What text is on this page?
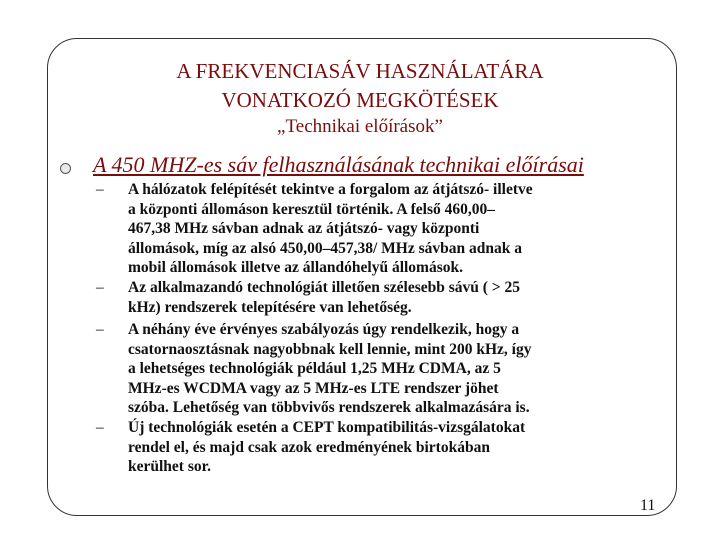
A FREKVENCIASÁV HASZNÁLATÁRA
VONATKOZÓ MEGKÖTÉSEK
„Technikai előírások”
A 450 MHZ-es sáv felhasználásának technikai előírásai
–	A hálózatok felépítését tekintve a forgalom az átjátszó- illetve
a központi állomáson keresztül történik. A felső 460,00–
467,38 MHz sávban adnak az átjátszó- vagy központi
állomások, míg az alsó 450,00–457,38/ MHz sávban adnak a
mobil állomások illetve az állandóhelyű állomások.
–	Az alkalmazandó technológiát illetően szélesebb sávú ( > 25
kHz) rendszerek telepítésére van lehetőség.
–	A néhány éve érvényes szabályozás úgy rendelkezik, hogy a
csatornaosztásnak nagyobbnak kell lennie, mint 200 kHz, így
a lehetséges technológiák például 1,25 MHz CDMA, az 5
MHz-es WCDMA vagy az 5 MHz-es LTE rendszer jöhet
szóba. Lehetőség van többvivős rendszerek alkalmazására is.
–	Új technológiák esetén a CEPT kompatibilitás-vizsgálatokat
rendel el, és majd csak azok eredményének birtokában
kerülhet sor.
11
